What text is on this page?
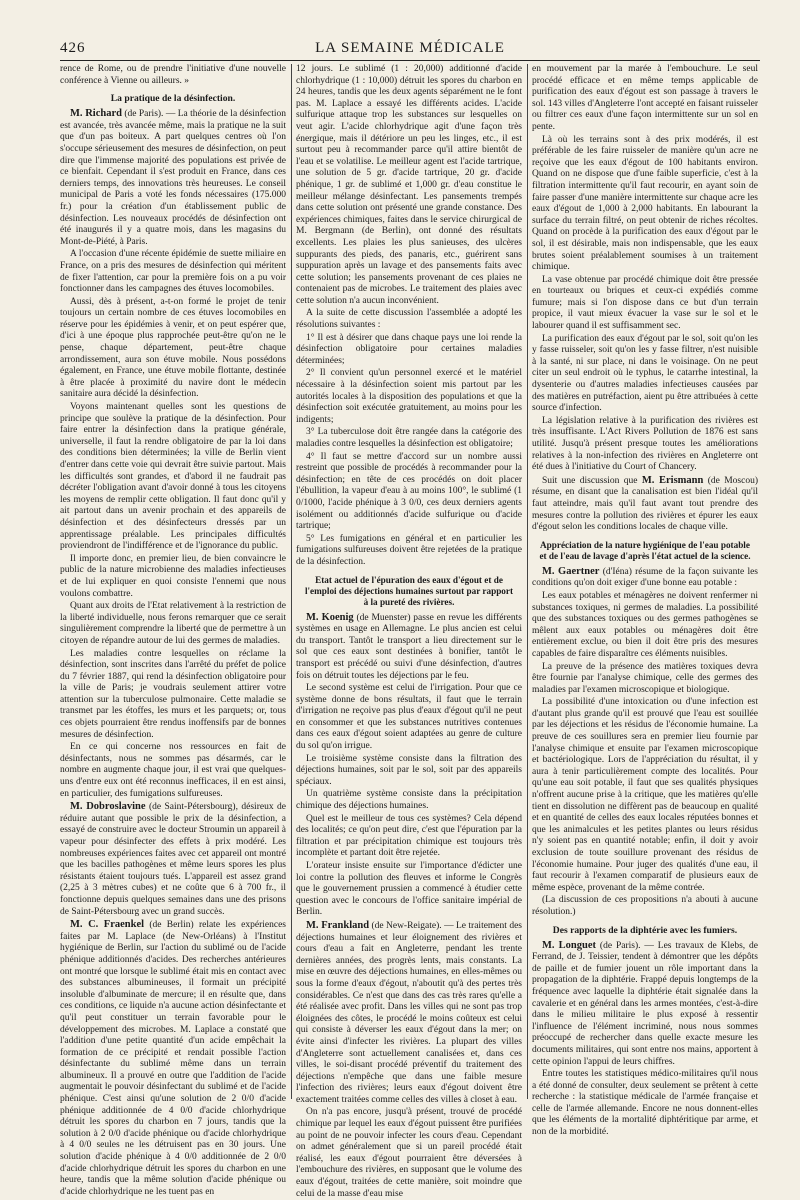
426	LA SEMAINE MÉDICALE

rence de Rome, ou de prendre l'initiative d'une nouvelle conférence à Vienne ou ailleurs. »

La pratique de la désinfection.

M. Richard (de Paris). — La théorie de la désinfection est avancée, très avancée même, mais la pratique ne la suit que d'un pas boiteux. A part quelques centres où l'on s'occupe sérieusement des mesures de désinfection, on peut dire que l'immense majorité des populations est privée de ce bienfait. Cependant il s'est produit en France, dans ces derniers temps, des innovations très heureuses. Le conseil municipal de Paris a voté les fonds nécessaires (175.000 fr.) pour la création d'un établissement public de désinfection. Les nouveaux procédés de désinfection ont été inaugurés il y a quatre mois, dans les magasins du Mont-de-Piété, à Paris.

A l'occasion d'une récente épidémie de suette miliaire en France, on a pris des mesures de désinfection qui méritent de fixer l'attention, car pour la première fois on a pu voir fonctionner dans les campagnes des étuves locomobiles.

Aussi, dès à présent, a-t-on formé le projet de tenir toujours un certain nombre de ces étuves locomobiles en réserve pour les épidémies à venir, et on peut espérer que, d'ici à une époque plus rapprochée peut-être qu'on ne le pense, chaque département, peut-être chaque arrondissement, aura son étuve mobile. Nous possédons également, en France, une étuve mobile flottante, destinée à être placée à proximité du navire dont le médecin sanitaire aura décidé la désinfection.

Voyons maintenant quelles sont les questions de principe que soulève la pratique de la désinfection. Pour faire entrer la désinfection dans la pratique générale, universelle, il faut la rendre obligatoire de par la loi dans des conditions bien déterminées; la ville de Berlin vient d'entrer dans cette voie qui devrait être suivie partout. Mais les difficultés sont grandes, et d'abord il ne faudrait pas décréter l'obligation avant d'avoir donné à tous les citoyens les moyens de remplir cette obligation. Il faut donc qu'il y ait partout dans un avenir prochain et des appareils de désinfection et des désinfecteurs dressés par un apprentissage préalable. Les principales difficultés proviendront de l'indifférence et de l'ignorance du public.

Il importe donc, en premier lieu, de bien convaincre le public de la nature microbienne des maladies infectieuses et de lui expliquer en quoi consiste l'ennemi que nous voulons combattre.

Quant aux droits de l'Etat relativement à la restriction de la liberté individuelle, nous ferons remarquer que ce serait singulièrement comprendre la liberté que de permettre à un citoyen de répandre autour de lui des germes de maladies.

Les maladies contre lesquelles on réclame la désinfection, sont inscrites dans l'arrêté du préfet de police du 7 février 1887, qui rend la désinfection obligatoire pour la ville de Paris; je voudrais seulement attirer votre attention sur la tuberculose pulmonaire. Cette maladie se transmet par les étoffes, les murs et les parquets; or, tous ces objets pourraient être rendus inoffensifs par de bonnes mesures de désinfection.

En ce qui concerne nos ressources en fait de désinfectants, nous ne sommes pas désarmés, car le nombre en augmente chaque jour, il est vrai que quelques-uns d'entre eux ont été reconnus inefficaces, il en est ainsi, en particulier, des fumigations sulfureuses.

M. Dobroslavine (de Saint-Pétersbourg), désireux de réduire autant que possible le prix de la désinfection, a essayé de construire avec le docteur Stroumin un appareil à vapeur pour désinfecter des effets à prix modéré. Les nombreuses expériences faites avec cet appareil ont montré que les bacilles pathogènes et même leurs spores les plus résistants étaient toujours tués. L'appareil est assez grand (2,25 à 3 mètres cubes) et ne coûte que 6 à 700 fr., il fonctionne depuis quelques semaines dans une des prisons de Saint-Pétersbourg avec un grand succès.

M. C. Fraenkel (de Berlin) relate les expériences faites par M. Laplace (de New-Orléans) à l'Institut hygiénique de Berlin, sur l'action du sublimé ou de l'acide phénique additionnés d'acides. Des recherches antérieures ont montré que lorsque le sublimé était mis en contact avec des substances albumineuses, il formait un précipité insoluble d'albuminate de mercure; il en résulte que, dans ces conditions, ce liquide n'a aucune action désinfectante et qu'il peut constituer un terrain favorable pour le développement des microbes. M. Laplace a constaté que l'addition d'une petite quantité d'un acide empêchait la formation de ce précipité et rendait possible l'action désinfectante du sublimé même dans un terrain albumineux. Il a prouvé en outre que l'addition de l'acide augmentait le pouvoir désinfectant du sublimé et de l'acide phénique. C'est ainsi qu'une solution de 2 0/0 d'acide phénique additionnée de 4 0/0 d'acide chlorhydrique détruit les spores du charbon en 7 jours, tandis que la solution à 2 0/0 d'acide phénique ou d'acide chlorhydrique à 4 0/0 seules ne les détruisent pas en 30 jours. Une solution d'acide phénique à 4 0/0 additionnée de 2 0/0 d'acide chlorhydrique détruit les spores du charbon en une heure, tandis que la même solution d'acide phénique ou d'acide chlorhydrique ne les tuent pas en

12 jours. Le sublimé (1 : 20,000) additionné d'acide chlorhydrique (1 : 10,000) détruit les spores du charbon en 24 heures, tandis que les deux agents séparément ne le font pas. M. Laplace a essayé les différents acides. L'acide sulfurique attaque trop les substances sur lesquelles on veut agir. L'acide chlorhydrique agit d'une façon très énergique, mais il détériore un peu les linges, etc., il est surtout peu à recommander parce qu'il attire bientôt de l'eau et se volatilise. Le meilleur agent est l'acide tartrique, une solution de 5 gr. d'acide tartrique, 20 gr. d'acide phénique, 1 gr. de sublimé et 1,000 gr. d'eau constitue le meilleur mélange désinfectant. Les pansements trempés dans cette solution ont présenté une grande constance. Des expériences chimiques, faites dans le service chirurgical de M. Bergmann (de Berlin), ont donné des résultats excellents. Les plaies les plus sanieuses, des ulcères suppurants des pieds, des panaris, etc., guérirent sans suppuration après un lavage et des pansements faits avec cette solution; les pansements provenant de ces plaies ne contenaient pas de microbes. Le traitement des plaies avec cette solution n'a aucun inconvénient.

A la suite de cette discussion l'assemblée a adopté les résolutions suivantes :

1° Il est à désirer que dans chaque pays une loi rende la désinfection obligatoire pour certaines maladies déterminées;

2° Il convient qu'un personnel exercé et le matériel nécessaire à la désinfection soient mis partout par les autorités locales à la disposition des populations et que la désinfection soit exécutée gratuitement, au moins pour les indigents;

3° La tuberculose doit être rangée dans la catégorie des maladies contre lesquelles la désinfection est obligatoire;

4° Il faut se mettre d'accord sur un nombre aussi restreint que possible de procédés à recommander pour la désinfection; en tête de ces procédés on doit placer l'ébullition, la vapeur d'eau à au moins 100°, le sublimé (1 0/1000, l'acide phénique à 3 0/0, ces deux derniers agents isolément ou additionnés d'acide sulfurique ou d'acide tartrique;

5° Les fumigations en général et en particulier les fumigations sulfureuses doivent être rejetées de la pratique de la désinfection.

Etat actuel de l'épuration des eaux d'égout et de l'emploi des déjections humaines surtout par rapport à la pureté des rivières.

M. Koenig (de Muenster) passe en revue les différents systèmes en usage en Allemagne. Le plus ancien est celui du transport. Tantôt le transport a lieu directement sur le sol que ces eaux sont destinées à bonifier, tantôt le transport est précédé ou suivi d'une désinfection, d'autres fois on détruit toutes les déjections par le feu.

Le second système est celui de l'irrigation. Pour que ce système donne de bons résultats, il faut que le terrain d'irrigation ne reçoive pas plus d'eaux d'égout qu'il ne peut en consommer et que les substances nutritives contenues dans ces eaux d'égout soient adaptées au genre de culture du sol qu'on irrigue.

Le troisième système consiste dans la filtration des déjections humaines, soit par le sol, soit par des appareils spéciaux.

Un quatrième système consiste dans la précipitation chimique des déjections humaines.

Quel est le meilleur de tous ces systèmes? Cela dépend des localités; ce qu'on peut dire, c'est que l'épuration par la filtration et par précipitation chimique est toujours très incomplète et partant doit être rejetée.

L'orateur insiste ensuite sur l'importance d'édicter une loi contre la pollution des fleuves et informe le Congrès que le gouvernement prussien a commencé à étudier cette question avec le concours de l'office sanitaire impérial de Berlin.

M. Frankland (de New-Reigate). — Le traitement des déjections humaines et leur éloignement des rivières et cours d'eau a fait en Angleterre, pendant les trente dernières années, des progrès lents, mais constants. La mise en œuvre des déjections humaines, en elles-mêmes ou sous la forme d'eaux d'égout, n'aboutit qu'à des pertes très considérables. Ce n'est que dans des cas très rares qu'elle a été réalisée avec profit. Dans les villes qui ne sont pas trop éloignées des côtes, le procédé le moins coûteux est celui qui consiste à déverser les eaux d'égout dans la mer; on évite ainsi d'infecter les rivières. La plupart des villes d'Angleterre sont actuellement canalisées et, dans ces villes, le soi-disant procédé préventif du traitement des déjections n'empêche que dans une faible mesure l'infection des rivières; leurs eaux d'égout doivent être exactement traitées comme celles des villes à closet à eau.

On n'a pas encore, jusqu'à présent, trouvé de procédé chimique par lequel les eaux d'égout puissent être purifiées au point de ne pouvoir infecter les cours d'eau. Cependant on admet généralement que si un pareil procédé était réalisé, les eaux d'égout pourraient être déversées à l'embouchure des rivières, en supposant que le volume des eaux d'égout, traitées de cette manière, soit moindre que celui de la masse d'eau mise

en mouvement par la marée à l'embouchure. Le seul procédé efficace et en même temps applicable de purification des eaux d'égout est son passage à travers le sol. 143 villes d'Angleterre l'ont accepté en faisant ruisseler ou filtrer ces eaux d'une façon intermittente sur un sol en pente.

Là où les terrains sont à des prix modérés, il est préférable de les faire ruisseler de manière qu'un acre ne reçoive que les eaux d'égout de 100 habitants environ. Quand on ne dispose que d'une faible superficie, c'est à la filtration intermittente qu'il faut recourir, en ayant soin de faire passer d'une manière intermittente sur chaque acre les eaux d'égout de 1,000 à 2,000 habitants. En labourant la surface du terrain filtré, on peut obtenir de riches récoltes. Quand on procède à la purification des eaux d'égout par le sol, il est désirable, mais non indispensable, que les eaux brutes soient préalablement soumises à un traitement chimique.

La vase obtenue par procédé chimique doit être pressée en tourteaux ou briques et ceux-ci expédiés comme fumure; mais si l'on dispose dans ce but d'un terrain propice, il vaut mieux évacuer la vase sur le sol et le labourer quand il est suffisamment sec.

La purification des eaux d'égout par le sol, soit qu'on les y fasse ruisseler, soit qu'on les y fasse filtrer, n'est nuisible à la santé, ni sur place, ni dans le voisinage. On ne peut citer un seul endroit où le typhus, le catarrhe intestinal, la dysenterie ou d'autres maladies infectieuses causées par des matières en putréfaction, aient pu être attribuées à cette source d'infection.

La législation relative à la purification des rivières est très insuffisante. L'Act Rivers Pollution de 1876 est sans utilité. Jusqu'à présent presque toutes les améliorations relatives à la non-infection des rivières en Angleterre ont été dues à l'initiative du Court of Chancery.

Suit une discussion que M. Erismann (de Moscou) résume, en disant que la canalisation est bien l'idéal qu'il faut atteindre, mais qu'il faut avant tout prendre des mesures contre la pollution des rivières et épurer les eaux d'égout selon les conditions locales de chaque ville.

Appréciation de la nature hygiénique de l'eau potable et de l'eau de lavage d'après l'état actuel de la science.

M. Gaertner (d'Iéna) résume de la façon suivante les conditions qu'on doit exiger d'une bonne eau potable :

Les eaux potables et ménagères ne doivent renfermer ni substances toxiques, ni germes de maladies. La possibilité que des substances toxiques ou des germes pathogènes se mêlent aux eaux potables ou ménagères doit être entièrement exclue, ou bien il doit être pris des mesures capables de faire disparaître ces éléments nuisibles.

La preuve de la présence des matières toxiques devra être fournie par l'analyse chimique, celle des germes des maladies par l'examen microscopique et biologique.

La possibilité d'une intoxication ou d'une infection est d'autant plus grande qu'il est prouvé que l'eau est souillée par les déjections et les résidus de l'économie humaine. La preuve de ces souillures sera en premier lieu fournie par l'analyse chimique et ensuite par l'examen microscopique et bactériologique. Lors de l'appréciation du résultat, il y aura à tenir particulièrement compte des localités. Pour qu'une eau soit potable, il faut que ses qualités physiques n'offrent aucune prise à la critique, que les matières qu'elle tient en dissolution ne diffèrent pas de beaucoup en qualité et en quantité de celles des eaux locales réputées bonnes et que les animalcules et les petites plantes ou leurs résidus n'y soient pas en quantité notable; enfin, il doit y avoir exclusion de toute souillure provenant des résidus de l'économie humaine. Pour juger des qualités d'une eau, il faut recourir à l'examen comparatif de plusieurs eaux de même espèce, provenant de la même contrée.

(La discussion de ces propositions n'a abouti à aucune résolution.)

Des rapports de la diphtérie avec les fumiers.

M. Longuet (de Paris). — Les travaux de Klebs, de Ferrand, de J. Teissier, tendent à démontrer que les dépôts de paille et de fumier jouent un rôle important dans la propagation de la diphtérie. Frappé depuis longtemps de la fréquence avec laquelle la diphtérie était signalée dans la cavalerie et en général dans les armes montées, c'est-à-dire dans le milieu militaire le plus exposé à ressentir l'influence de l'élément incriminé, nous nous sommes préoccupé de rechercher dans quelle exacte mesure les documents militaires, qui sont entre nos mains, apportent à cette opinion l'appui de leurs chiffres.

Entre toutes les statistiques médico-militaires qu'il nous a été donné de consulter, deux seulement se prêtent à cette recherche : la statistique médicale de l'armée française et celle de l'armée allemande. Encore ne nous donnent-elles que les éléments de la mortalité diphtéritique par arme, et non de la morbidité.
